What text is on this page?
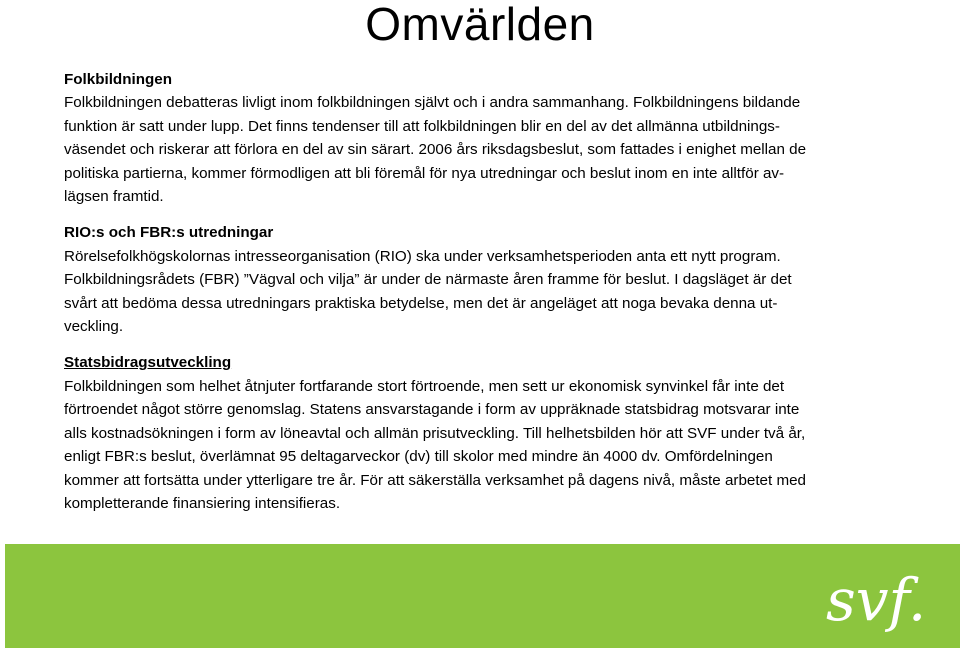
Omvärlden
Folkbildningen
Folkbildningen debatteras livligt inom folkbildningen självt och i andra sammanhang. Folkbildningens bildande
funktion är satt under lupp. Det finns tendenser till att folkbildningen blir en del av det allmänna utbildnings-
väsendet och riskerar att förlora en del av sin särart. 2006 års riksdagsbeslut, som fattades i enighet mellan de
politiska partierna, kommer förmodligen att bli föremål för nya utredningar och beslut inom en inte alltför av-
lägsen framtid.
RIO:s och FBR:s utredningar
Rörelsefolkhögskolornas intresseorganisation (RIO) ska under verksamhetsperioden anta ett nytt program.
Folkbildningsrådets (FBR) ”Vägval och vilja” är under de närmaste åren framme för beslut. I dagsläget är det
svårt att bedöma dessa utredningars praktiska betydelse, men det är angeläget att noga bevaka denna ut-
veckling.
Statsbidragsutveckling
Folkbildningen som helhet åtnjuter fortfarande stort förtroende, men sett ur ekonomisk synvinkel får inte det
förtroendet något större genomslag. Statens ansvarstagande i form av uppräknade statsbidrag motsvarar inte
alls kostnadsökningen i form av löneavtal och allmän prisutveckling. Till helhetsbilden hör att SVF under två år,
enligt FBR:s beslut, överlämnat 95 deltagarveckor (dv) till skolor med mindre än 4000 dv. Omfördelningen
kommer att fortsätta under ytterligare tre år. För att säkerställa verksamhet på dagens nivå, måste arbetet med
kompletterande finansiering intensifieras.
svf.
